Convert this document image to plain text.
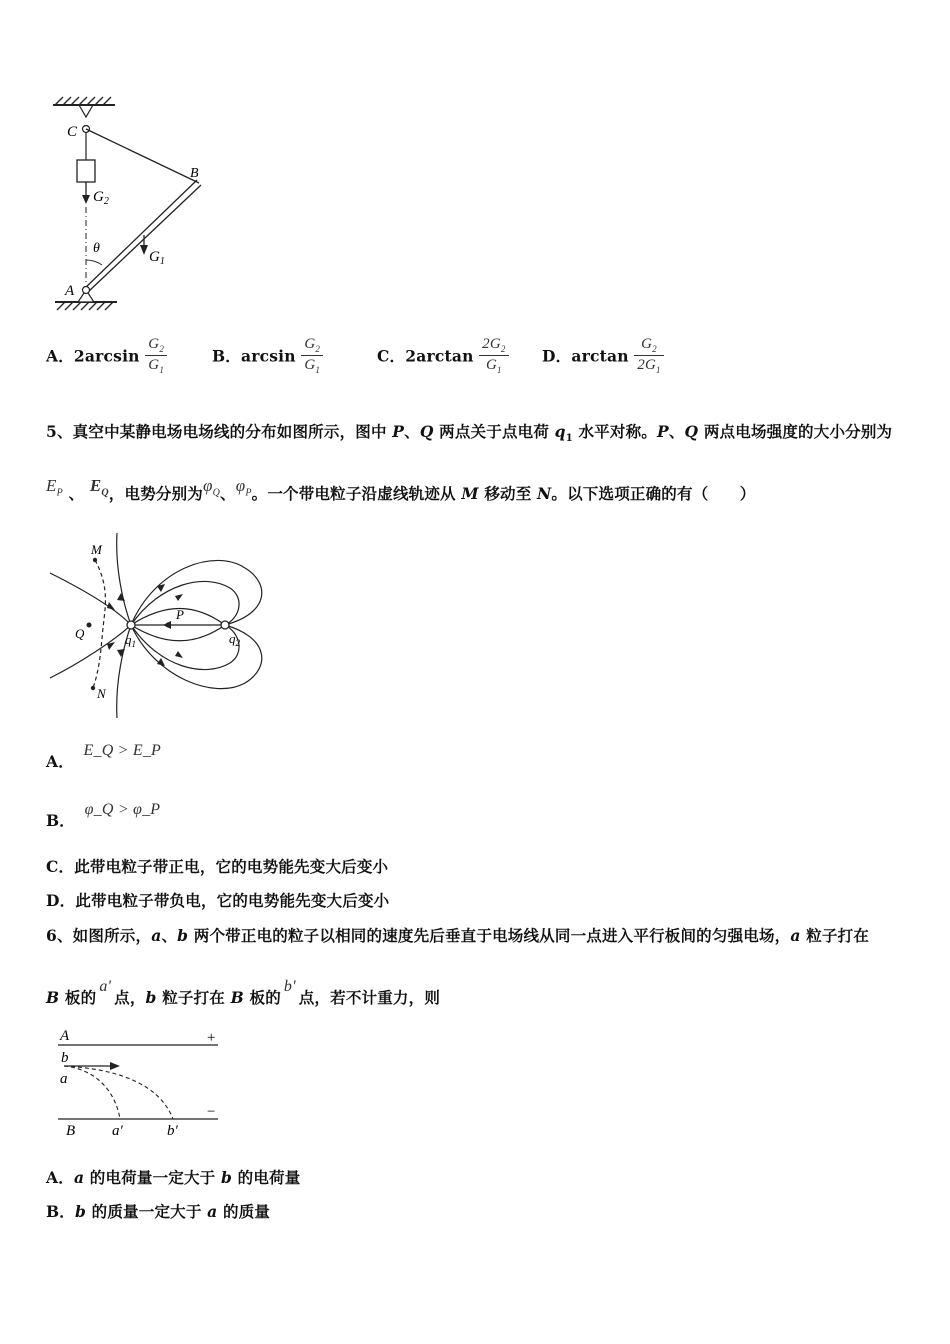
C
B
A
$G_2$
$G_1$
θ
A．$2\arcsin \frac{G_2}{G_1}$	B．$\arcsin \frac{G_2}{G_1}$	C．$2\arctan \frac{2G_2}{G_1}$ D．$\arctan \frac{G_2}{2G_1}$
5、真空中某静电场电场线的分布如图所示，图中 P、Q 两点关于点电荷 $q_1$ 水平对称。P、Q 两点电场强度的大小分别为
$E_P$ 、 $E_Q$，电势分别为$\varphi_Q$、$\varphi_P$。一个带电粒子沿虚线轨迹从 M 移动至 N。以下选项正确的有（　　）
M
P
Q	$q_1$	$q_2$
N
A． E_Q > E_P
B． φ_Q > φ_P
C．此带电粒子带正电，它的电势能先变大后变小
D．此带电粒子带负电，它的电势能先变大后变小
6、如图所示，a、b 两个带正电的粒子以相同的速度先后垂直于电场线从同一点进入平行板间的匀强电场，a 粒子打在
B 板的a'点，b 粒子打在 B 板的b'点，若不计重力，则
A	+
b
a
−
B a′	b′
A．a 的电荷量一定大于 b 的电荷量
B．b 的质量一定大于 a 的质量
